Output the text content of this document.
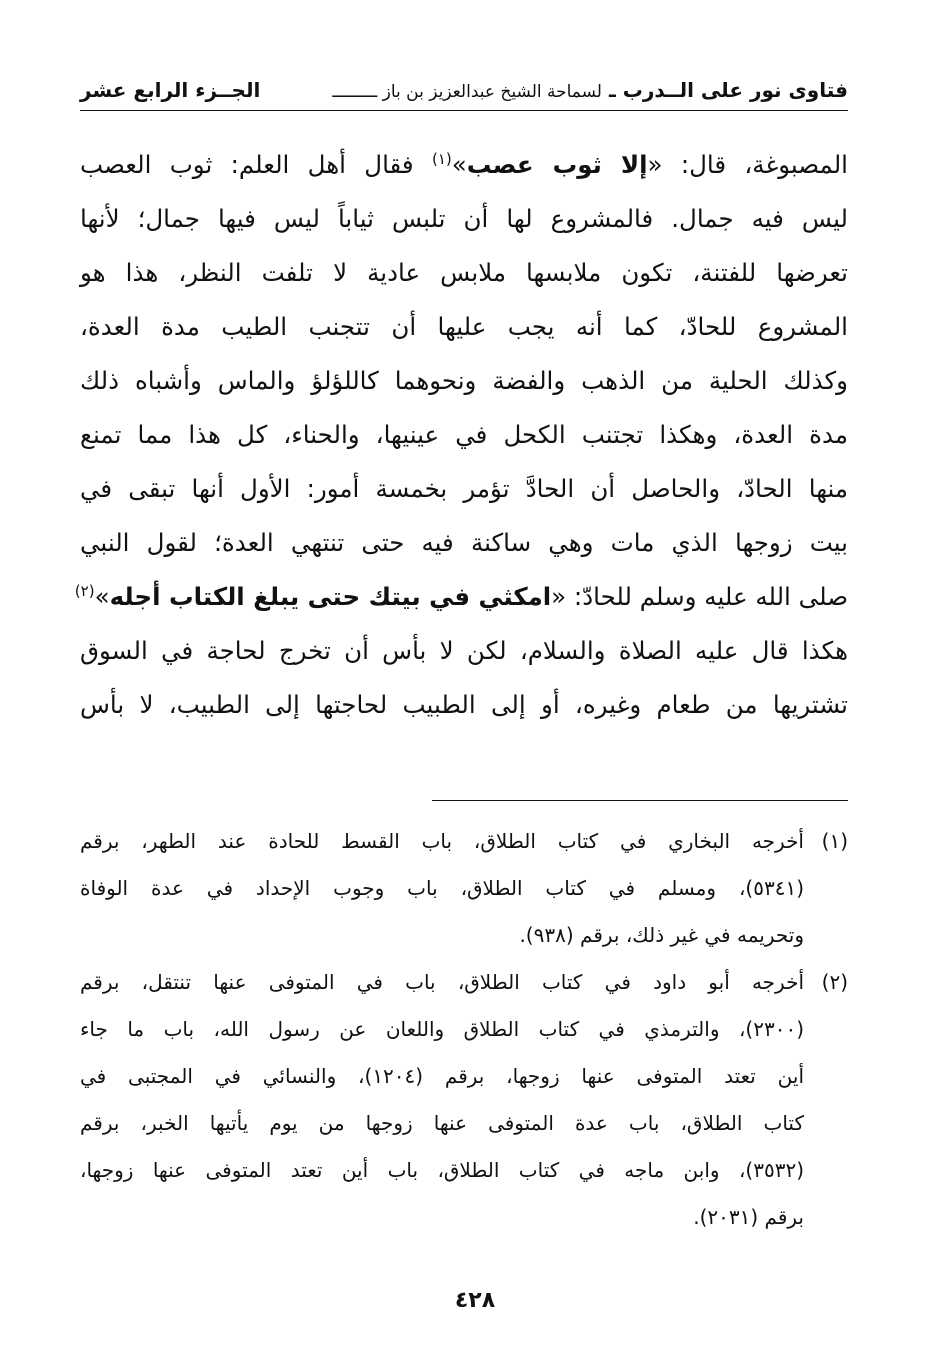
فتاوى نور على الــدرب ـ لسماحة الشيخ عبدالعزيز بن باز ـــــــــ
الجــزء الرابع عشر
المصبوغة، قال: «إلا ثوب عصب»$^{(١)}$ فقال أهل العلم: ثوب العصب
ليس فيه جمال. فالمشروع لها أن تلبس ثياباً ليس فيها جمال؛ لأنها
تعرضها للفتنة، تكون ملابسها ملابس عادية لا تلفت النظر، هذا هو
المشروع للحادّ، كما أنه يجب عليها أن تتجنب الطيب مدة العدة،
وكذلك الحلية من الذهب والفضة ونحوهما كاللؤلؤ والماس وأشباه ذلك
مدة العدة، وهكذا تجتنب الكحل في عينيها، والحناء، كل هذا مما تمنع
منها الحادّ، والحاصل أن الحادَّ تؤمر بخمسة أمور: الأول أنها تبقى في
بيت زوجها الذي مات وهي ساكنة فيه حتى تنتهي العدة؛ لقول النبي
صلى الله عليه وسلم للحادّ: «امكثي في بيتك حتى يبلغ الكتاب أجله»$^{(٢)}$
هكذا قال عليه الصلاة والسلام، لكن لا بأس أن تخرج لحاجة في السوق
تشتريها من طعام وغيره، أو إلى الطبيب لحاجتها إلى الطبيب، لا بأس
(١)
أخرجه البخاري في كتاب الطلاق، باب القسط للحادة عند الطهر، برقم
(٥٣٤١)، ومسلم في كتاب الطلاق، باب وجوب الإحداد في عدة الوفاة
وتحريمه في غير ذلك، برقم (٩٣٨).
(٢)
أخرجه أبو داود في كتاب الطلاق، باب في المتوفى عنها تنتقل، برقم
(٢٣٠٠)، والترمذي في كتاب الطلاق واللعان عن رسول الله، باب ما جاء
أين تعتد المتوفى عنها زوجها، برقم (١٢٠٤)، والنسائي في المجتبى في
كتاب الطلاق، باب عدة المتوفى عنها زوجها من يوم يأتيها الخبر، برقم
(٣٥٣٢)، وابن ماجه في كتاب الطلاق، باب أين تعتد المتوفى عنها زوجها،
برقم (٢٠٣١).
٤٢٨
